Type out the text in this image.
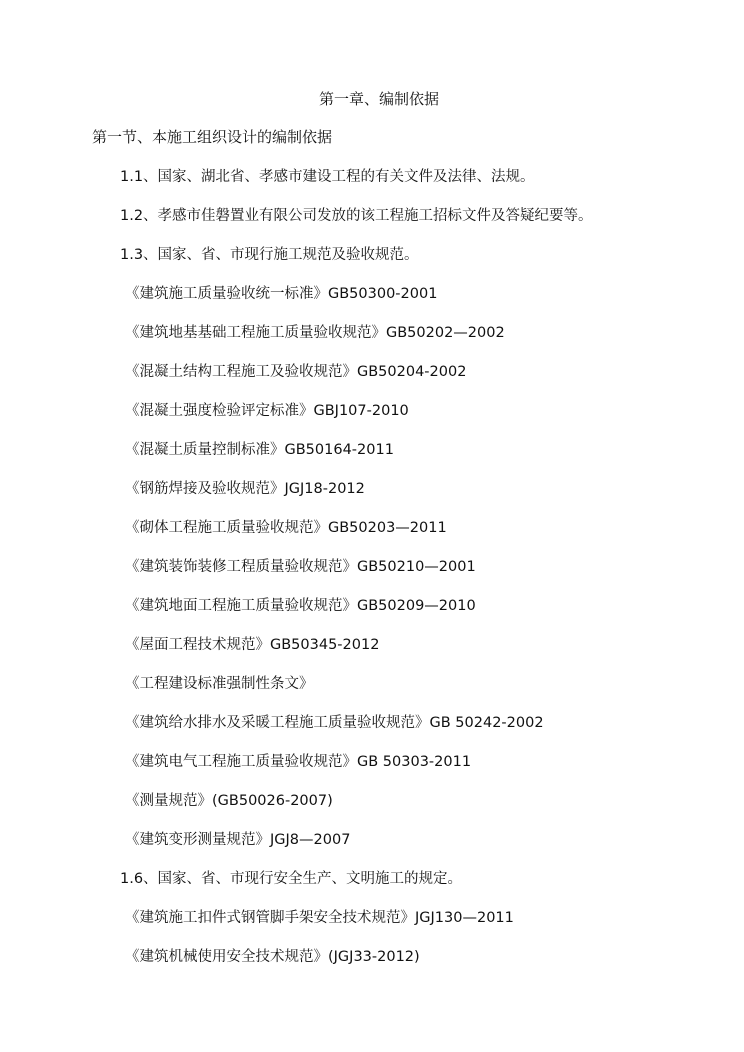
第一章、编制依据
第一节、本施工组织设计的编制依据
1.1、国家、湖北省、孝感市建设工程的有关文件及法律、法规。
1.2、孝感市佳磐置业有限公司发放的该工程施工招标文件及答疑纪要等。
1.3、国家、省、市现行施工规范及验收规范。
《建筑施工质量验收统一标准》GB50300-2001
《建筑地基基础工程施工质量验收规范》GB50202—2002
《混凝土结构工程施工及验收规范》GB50204-2002
《混凝土强度检验评定标准》GBJ107-2010
《混凝土质量控制标准》GB50164-2011
《钢筋焊接及验收规范》JGJ18-2012
《砌体工程施工质量验收规范》GB50203—2011
《建筑装饰装修工程质量验收规范》GB50210—2001
《建筑地面工程施工质量验收规范》GB50209—2010
《屋面工程技术规范》GB50345-2012
《工程建设标准强制性条文》
《建筑给水排水及采暖工程施工质量验收规范》GB 50242-2002
《建筑电气工程施工质量验收规范》GB 50303-2011
《测量规范》(GB50026-2007)
《建筑变形测量规范》JGJ8—2007
1.6、国家、省、市现行安全生产、文明施工的规定。
《建筑施工扣件式钢管脚手架安全技术规范》JGJ130—2011
《建筑机械使用安全技术规范》(JGJ33-2012)
